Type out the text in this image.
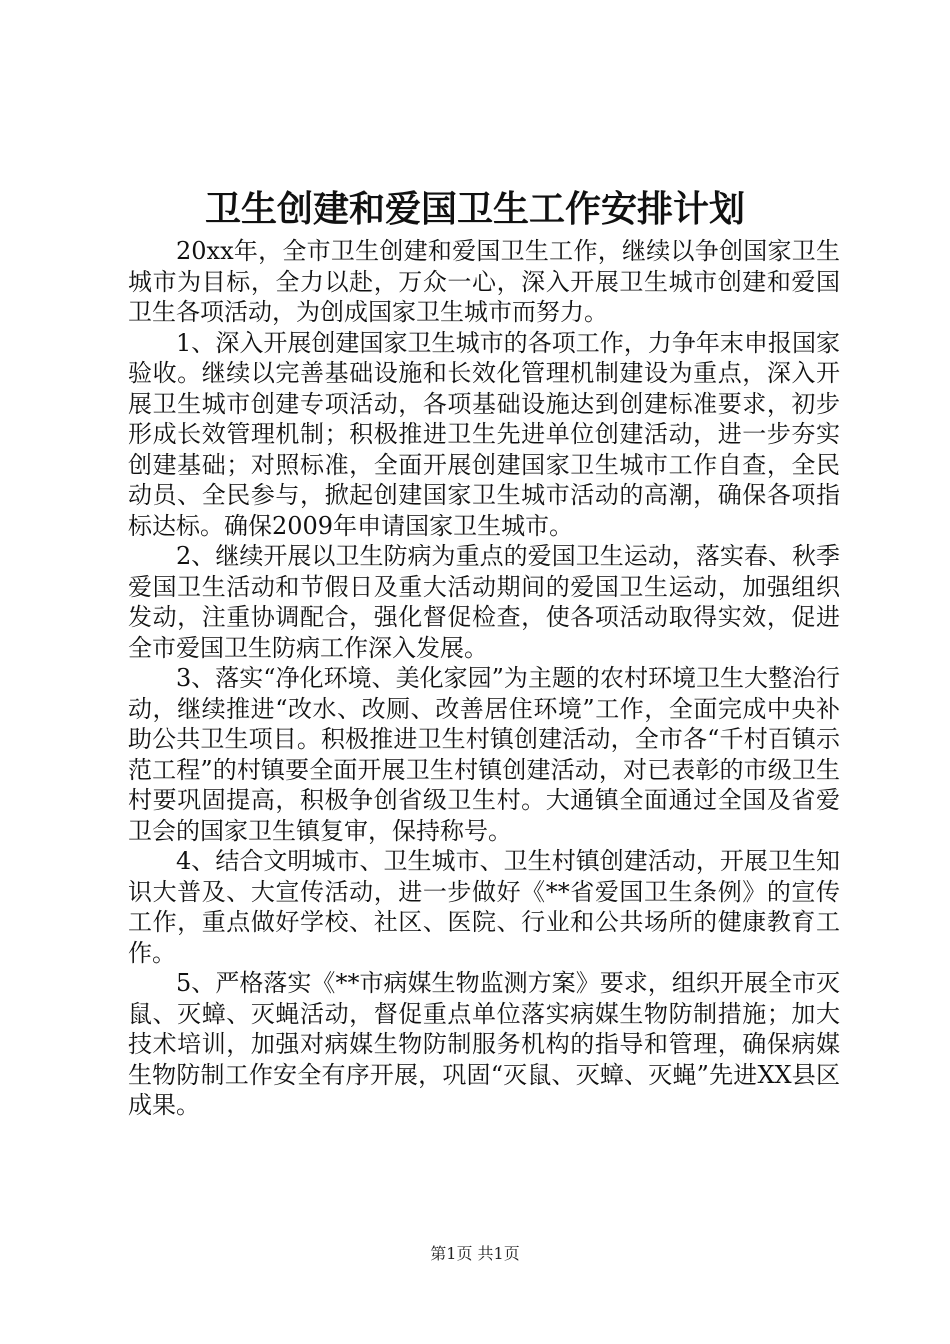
卫生创建和爱国卫生工作安排计划

20xx年，全市卫生创建和爱国卫生工作，继续以争创国家卫生城市为目标，全力以赴，万众一心，深入开展卫生城市创建和爱国卫生各项活动，为创成国家卫生城市而努力。

1、深入开展创建国家卫生城市的各项工作，力争年末申报国家验收。继续以完善基础设施和长效化管理机制建设为重点，深入开展卫生城市创建专项活动，各项基础设施达到创建标准要求，初步形成长效管理机制；积极推进卫生先进单位创建活动，进一步夯实创建基础；对照标准，全面开展创建国家卫生城市工作自查，全民动员、全民参与，掀起创建国家卫生城市活动的高潮，确保各项指标达标。确保2009年申请国家卫生城市。

2、继续开展以卫生防病为重点的爱国卫生运动，落实春、秋季爱国卫生活动和节假日及重大活动期间的爱国卫生运动，加强组织发动，注重协调配合，强化督促检查，使各项活动取得实效，促进全市爱国卫生防病工作深入发展。

3、落实“净化环境、美化家园”为主题的农村环境卫生大整治行动，继续推进“改水、改厕、改善居住环境”工作，全面完成中央补助公共卫生项目。积极推进卫生村镇创建活动，全市各“千村百镇示范工程”的村镇要全面开展卫生村镇创建活动，对已表彰的市级卫生村要巩固提高，积极争创省级卫生村。大通镇全面通过全国及省爱卫会的国家卫生镇复审，保持称号。

4、结合文明城市、卫生城市、卫生村镇创建活动，开展卫生知识大普及、大宣传活动，进一步做好《**省爱国卫生条例》的宣传工作，重点做好学校、社区、医院、行业和公共场所的健康教育工作。

5、严格落实《**市病媒生物监测方案》要求，组织开展全市灭鼠、灭蟑、灭蝇活动，督促重点单位落实病媒生物防制措施；加大技术培训，加强对病媒生物防制服务机构的指导和管理，确保病媒生物防制工作安全有序开展，巩固“灭鼠、灭蟑、灭蝇”先进XX县区成果。

第1页 共1页
